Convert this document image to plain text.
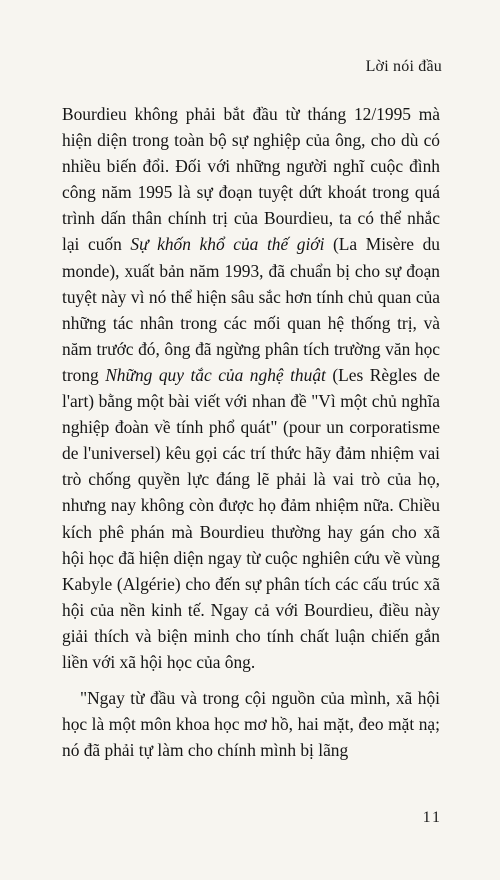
Lời nói đầu

Bourdieu không phải bắt đầu từ tháng 12/1995 mà hiện diện trong toàn bộ sự nghiệp của ông, cho dù có nhiều biến đổi. Đối với những người nghĩ cuộc đình công năm 1995 là sự đoạn tuyệt dứt khoát trong quá trình dấn thân chính trị của Bourdieu, ta có thể nhắc lại cuốn Sự khốn khổ của thế giới (La Misère du monde), xuất bản năm 1993, đã chuẩn bị cho sự đoạn tuyệt này vì nó thể hiện sâu sắc hơn tính chủ quan của những tác nhân trong các mối quan hệ thống trị, và năm trước đó, ông đã ngừng phân tích trường văn học trong Những quy tắc của nghệ thuật (Les Règles de l'art) bằng một bài viết với nhan đề "Vì một chủ nghĩa nghiệp đoàn về tính phổ quát" (pour un corporatisme de l'universel) kêu gọi các trí thức hãy đảm nhiệm vai trò chống quyền lực đáng lẽ phải là vai trò của họ, nhưng nay không còn được họ đảm nhiệm nữa. Chiều kích phê phán mà Bourdieu thường hay gán cho xã hội học đã hiện diện ngay từ cuộc nghiên cứu về vùng Kabyle (Algérie) cho đến sự phân tích các cấu trúc xã hội của nền kinh tế. Ngay cả với Bourdieu, điều này giải thích và biện minh cho tính chất luận chiến gắn liền với xã hội học của ông.

"Ngay từ đầu và trong cội nguồn của mình, xã hội học là một môn khoa học mơ hồ, hai mặt, đeo mặt nạ; nó đã phải tự làm cho chính mình bị lãng

11
